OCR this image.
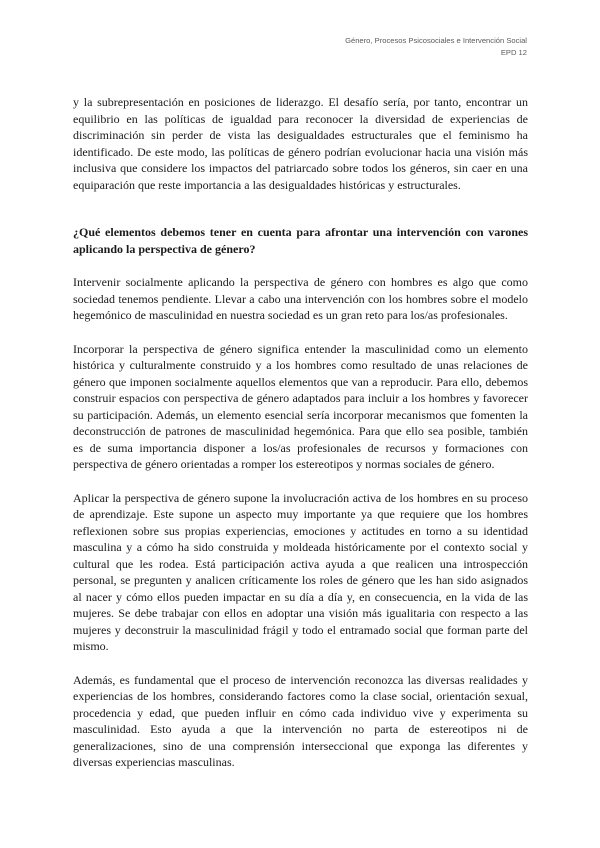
Género, Procesos Psicosociales e Intervención Social
EPD 12

y la subrepresentación en posiciones de liderazgo. El desafío sería, por tanto, encontrar un equilibrio en las políticas de igualdad para reconocer la diversidad de experiencias de discriminación sin perder de vista las desigualdades estructurales que el feminismo ha identificado. De este modo, las políticas de género podrían evolucionar hacia una visión más inclusiva que considere los impactos del patriarcado sobre todos los géneros, sin caer en una equiparación que reste importancia a las desigualdades históricas y estructurales.

¿Qué elementos debemos tener en cuenta para afrontar una intervención con varones aplicando la perspectiva de género?

Intervenir socialmente aplicando la perspectiva de género con hombres es algo que como sociedad tenemos pendiente. Llevar a cabo una intervención con los hombres sobre el modelo hegemónico de masculinidad en nuestra sociedad es un gran reto para los/as profesionales.

Incorporar la perspectiva de género significa entender la masculinidad como un elemento histórica y culturalmente construido y a los hombres como resultado de unas relaciones de género que imponen socialmente aquellos elementos que van a reproducir. Para ello, debemos construir espacios con perspectiva de género adaptados para incluir a los hombres y favorecer su participación. Además, un elemento esencial sería incorporar mecanismos que fomenten la deconstrucción de patrones de masculinidad hegemónica. Para que ello sea posible, también es de suma importancia disponer a los/as profesionales de recursos y formaciones con perspectiva de género orientadas a romper los estereotipos y normas sociales de género.

Aplicar la perspectiva de género supone la involucración activa de los hombres en su proceso de aprendizaje. Este supone un aspecto muy importante ya que requiere que los hombres reflexionen sobre sus propias experiencias, emociones y actitudes en torno a su identidad masculina y a cómo ha sido construida y moldeada históricamente por el contexto social y cultural que les rodea. Está participación activa ayuda a que realicen una introspección personal, se pregunten y analicen críticamente los roles de género que les han sido asignados al nacer y cómo ellos pueden impactar en su día a día y, en consecuencia, en la vida de las mujeres. Se debe trabajar con ellos en adoptar una visión más igualitaria con respecto a las mujeres y deconstruir la masculinidad frágil y todo el entramado social que forman parte del mismo.

Además, es fundamental que el proceso de intervención reconozca las diversas realidades y experiencias de los hombres, considerando factores como la clase social, orientación sexual, procedencia y edad, que pueden influir en cómo cada individuo vive y experimenta su masculinidad. Esto ayuda a que la intervención no parta de estereotipos ni de generalizaciones, sino de una comprensión interseccional que exponga las diferentes y diversas experiencias masculinas.
